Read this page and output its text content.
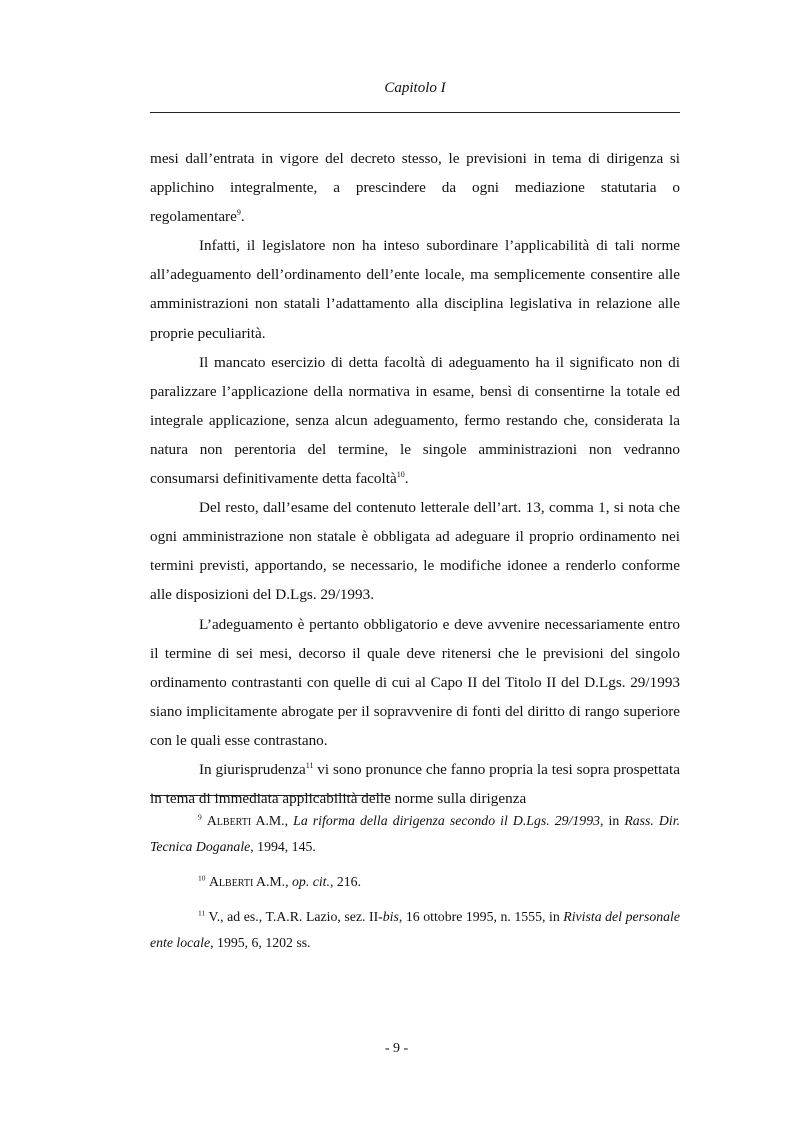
Capitolo I

mesi dall’entrata in vigore del decreto stesso, le previsioni in tema di dirigenza si applichino integralmente, a prescindere da ogni mediazione statutaria o regolamentare$^9$.

Infatti, il legislatore non ha inteso subordinare l’applicabilità di tali norme all’adeguamento dell’ordinamento dell’ente locale, ma semplicemente consentire alle amministrazioni non statali l’adattamento alla disciplina legislativa in relazione alle proprie peculiarità.

Il mancato esercizio di detta facoltà di adeguamento ha il significato non di paralizzare l’applicazione della normativa in esame, bensì di consentirne la totale ed integrale applicazione, senza alcun adeguamento, fermo restando che, considerata la natura non perentoria del termine, le singole amministrazioni non vedranno consumarsi definitivamente detta facoltà$^{10}$.

Del resto, dall’esame del contenuto letterale dell’art. 13, comma 1, si nota che ogni amministrazione non statale è obbligata ad adeguare il proprio ordinamento nei termini previsti, apportando, se necessario, le modifiche idonee a renderlo conforme alle disposizioni del D.Lgs. 29/1993.

L’adeguamento è pertanto obbligatorio e deve avvenire necessariamente entro il termine di sei mesi, decorso il quale deve ritenersi che le previsioni del singolo ordinamento contrastanti con quelle di cui al Capo II del Titolo II del D.Lgs. 29/1993 siano implicitamente abrogate per il sopravvenire di fonti del diritto di rango superiore con le quali esse contrastano.

In giurisprudenza$^{11}$ vi sono pronunce che fanno propria la tesi sopra prospettata in tema di immediata applicabilità delle norme sulla dirigenza

$^9$ Alberti A.M., La riforma della dirigenza secondo il D.Lgs. 29/1993, in Rass. Dir. Tecnica Doganale, 1994, 145.

$^{10}$ Alberti A.M., op. cit., 216.

$^{11}$ V., ad es., T.A.R. Lazio, sez. II-bis, 16 ottobre 1995, n. 1555, in Rivista del personale ente locale, 1995, 6, 1202 ss.

- 9 -
